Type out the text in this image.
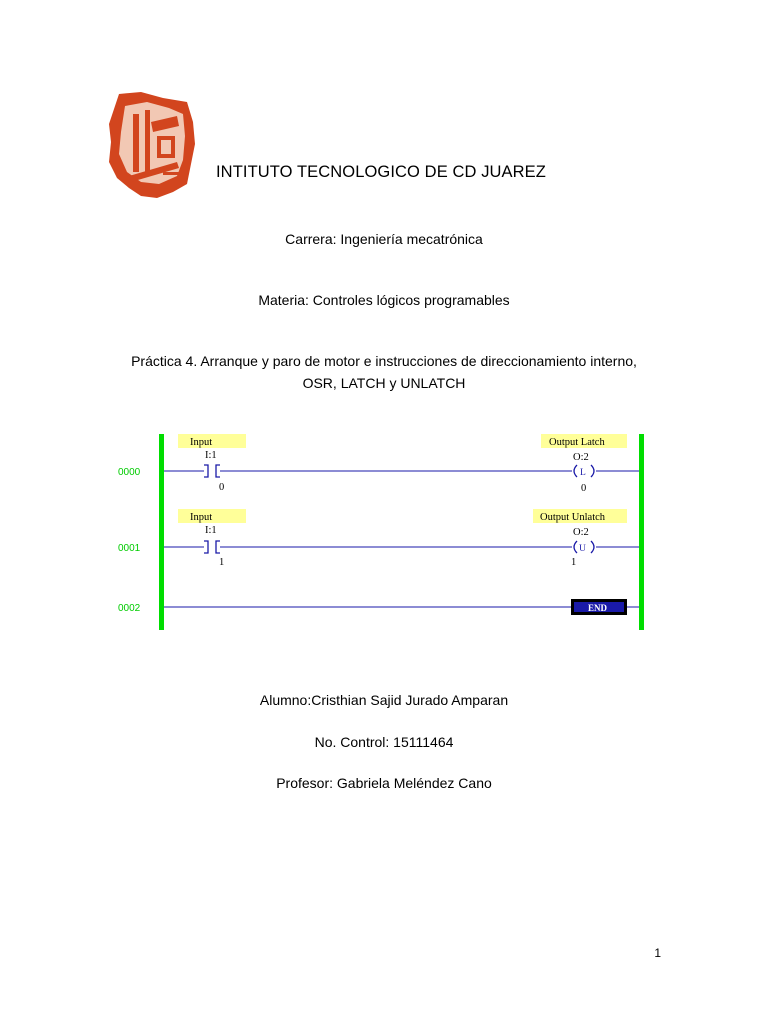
INTITUTO TECNOLOGICO DE CD JUAREZ
Carrera: Ingeniería mecatrónica
Materia: Controles lógicos programables
Práctica 4. Arranque y paro de motor e instrucciones de direccionamiento interno,
OSR, LATCH y UNLATCH
0000
Input
I:1
0
Output Latch
O:2
L
0
0001
Input
I:1
1
Output Unlatch
O:2
U
1
0002	END
Alumno:Cristhian Sajid Jurado Amparan
No. Control: 15111464
Profesor: Gabriela Meléndez Cano
1
